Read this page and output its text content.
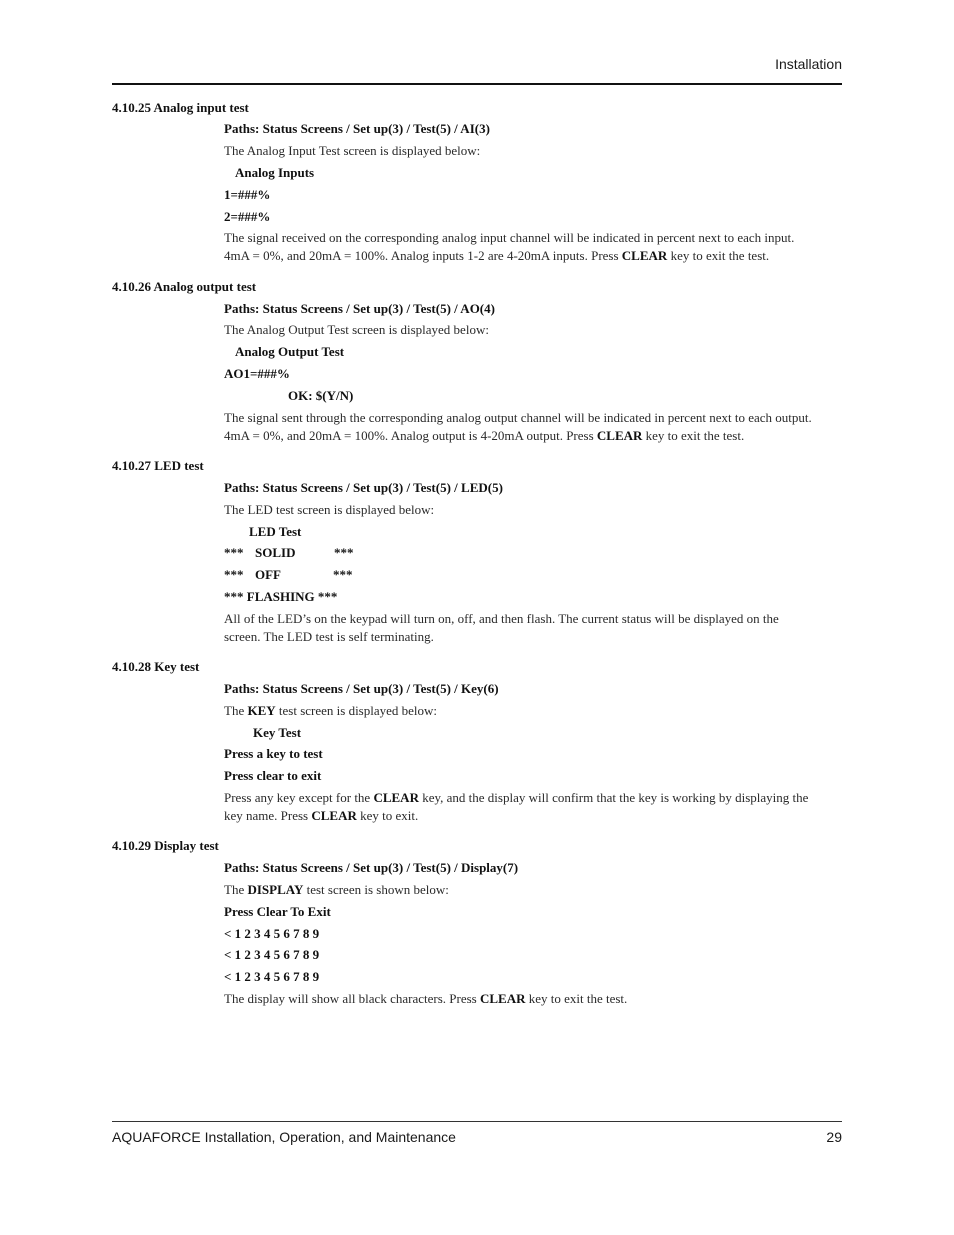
Installation
4.10.25 Analog input test
Paths: Status Screens / Set up(3) / Test(5) / AI(3)
The Analog Input Test screen is displayed below:
Analog Inputs
1=###%
2=###%
The signal received on the corresponding analog input channel will be indicated in percent next to each input.
4mA = 0%, and 20mA = 100%. Analog inputs 1-2 are 4-20mA inputs. Press CLEAR key to exit the test.
4.10.26 Analog output test
Paths: Status Screens / Set up(3) / Test(5) / AO(4)
The Analog Output Test screen is displayed below:
Analog Output Test
AO1=###%
OK: $(Y/N)
The signal sent through the corresponding analog output channel will be indicated in percent next to each output.
4mA = 0%, and 20mA = 100%. Analog output is 4-20mA output. Press CLEAR key to exit the test.
4.10.27 LED test
Paths: Status Screens / Set up(3) / Test(5) / LED(5)
The LED test screen is displayed below:
LED Test
*** SOLID	***
*** OFF	***
*** FLASHING ***
All of the LED’s on the keypad will turn on, off, and then flash. The current status will be displayed on the
screen. The LED test is self terminating.
4.10.28 Key test
Paths: Status Screens / Set up(3) / Test(5) / Key(6)
The KEY test screen is displayed below:
Key Test
Press a key to test
Press clear to exit
Press any key except for the CLEAR key, and the display will confirm that the key is working by displaying the
key name. Press CLEAR key to exit.
4.10.29 Display test
Paths: Status Screens / Set up(3) / Test(5) / Display(7)
The DISPLAY test screen is shown below:
Press Clear To Exit
< 1 2 3 4 5 6 7 8 9
< 1 2 3 4 5 6 7 8 9
< 1 2 3 4 5 6 7 8 9
The display will show all black characters. Press CLEAR key to exit the test.
AQUAFORCE Installation, Operation, and Maintenance	29
